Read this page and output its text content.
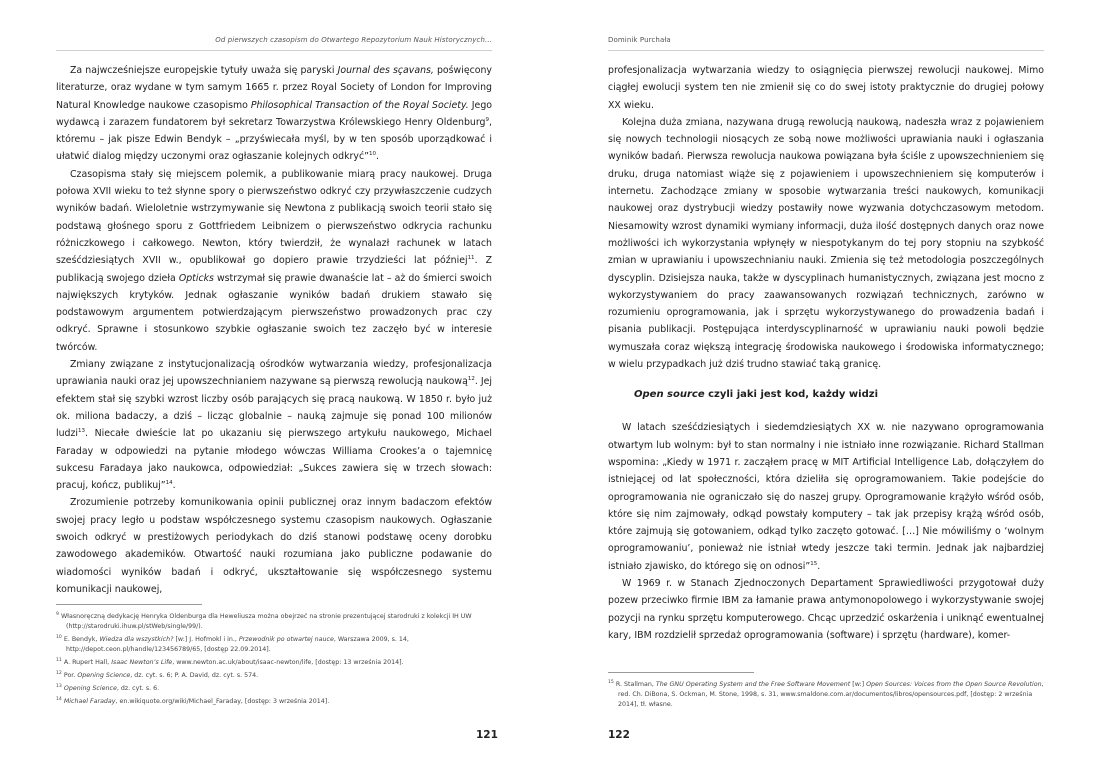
Od pierwszych czasopism do Otwartego Repozytorium Nauk Historycznych...

Za najwcześniejsze europejskie tytuły uważa się paryski Journal des sçavans, poświęcony literaturze, oraz wydane w tym samym 1665 r. przez Royal Society of London for Improving Natural Knowledge naukowe czasopismo Philosophical Transaction of the Royal Society. Jego wydawcą i zarazem fundatorem był sekretarz Towarzystwa Królewskiego Henry Oldenburg$^9$, któremu – jak pisze Edwin Bendyk – „przyświecała myśl, by w ten sposób uporządkować i ułatwić dialog między uczonymi oraz ogłaszanie kolejnych odkryć”$^{10}$.

Czasopisma stały się miejscem polemik, a publikowanie miarą pracy naukowej. Druga połowa XVII wieku to też słynne spory o pierwszeństwo odkryć czy przywłaszczenie cudzych wyników badań. Wieloletnie wstrzymywanie się Newtona z publikacją swoich teorii stało się podstawą głośnego sporu z Gottfriedem Leibnizem o pierwszeństwo odkrycia rachunku różniczkowego i całkowego. Newton, który twierdził, że wynalazł rachunek w latach sześćdziesiątych XVII w., opublikował go dopiero prawie trzydzieści lat później$^{11}$. Z publikacją swojego dzieła Opticks wstrzymał się prawie dwanaście lat – aż do śmierci swoich największych krytyków. Jednak ogłaszanie wyników badań drukiem stawało się podstawowym argumentem potwierdzającym pierwszeństwo prowadzonych prac czy odkryć. Sprawne i stosunkowo szybkie ogłaszanie swoich tez zaczęło być w interesie twórców.

Zmiany związane z instytucjonalizacją ośrodków wytwarzania wiedzy, profesjonalizacja uprawiania nauki oraz jej upowszechnianiem nazywane są pierwszą rewolucją naukową$^{12}$. Jej efektem stał się szybki wzrost liczby osób parających się pracą naukową. W 1850 r. było już ok. miliona badaczy, a dziś – licząc globalnie – nauką zajmuje się ponad 100 milionów ludzi$^{13}$. Niecałe dwieście lat po ukazaniu się pierwszego artykułu naukowego, Michael Faraday w odpowiedzi na pytanie młodego wówczas Williama Crookes’a o tajemnicę sukcesu Faradaya jako naukowca, odpowiedział: „Sukces zawiera się w trzech słowach: pracuj, kończ, publikuj”$^{14}$.

Zrozumienie potrzeby komunikowania opinii publicznej oraz innym badaczom efektów swojej pracy legło u podstaw współczesnego systemu czasopism naukowych. Ogłaszanie swoich odkryć w prestiżowych periodykach do dziś stanowi podstawę oceny dorobku zawodowego akademików. Otwartość nauki rozumiana jako publiczne podawanie do wiadomości wyników badań i odkryć, ukształtowanie się współczesnego systemu komunikacji naukowej,

$^9$ Własnoręczną dedykację Henryka Oldenburga dla Heweliusza można obejrzeć na stronie prezentującej starodruki z kolekcji IH UW (http://starodruki.ihuw.pl/stWeb/single/99/).

$^{10}$ E. Bendyk, Wiedza dla wszystkich? [w:] J. Hofmokl i in., Przewodnik po otwartej nauce, Warszawa 2009, s. 14, http://depot.ceon.pl/handle/123456789/65, [dostęp 22.09.2014].

$^{11}$ A. Rupert Hall, Isaac Newton’s Life, www.newton.ac.uk/about/isaac-newton/life, [dostęp: 13 września 2014].

$^{12}$ Por. Opening Science, dz. cyt. s. 6; P. A. David, dz. cyt. s. 574.

$^{13}$ Opening Science, dz. cyt. s. 6.

$^{14}$ Michael Faraday, en.wikiquote.org/wiki/Michael_Faraday, [dostęp: 3 września 2014].

121
Dominik Purchała

profesjonalizacja wytwarzania wiedzy to osiągnięcia pierwszej rewolucji naukowej. Mimo ciągłej ewolucji system ten nie zmienił się co do swej istoty praktycznie do drugiej połowy XX wieku.

Kolejna duża zmiana, nazywana drugą rewolucją naukową, nadeszła wraz z pojawieniem się nowych technologii niosących ze sobą nowe możliwości uprawiania nauki i ogłaszania wyników badań. Pierwsza rewolucja naukowa powiązana była ściśle z upowszechnieniem się druku, druga natomiast wiąże się z pojawieniem i upowszechnieniem się komputerów i internetu. Zachodzące zmiany w sposobie wytwarzania treści naukowych, komunikacji naukowej oraz dystrybucji wiedzy postawiły nowe wyzwania dotychczasowym metodom. Niesamowity wzrost dynamiki wymiany informacji, duża ilość dostępnych danych oraz nowe możliwości ich wykorzystania wpłynęły w niespotykanym do tej pory stopniu na szybkość zmian w uprawianiu i upowszechnianiu nauki. Zmienia się też metodologia poszczególnych dyscyplin. Dzisiejsza nauka, także w dyscyplinach humanistycznych, związana jest mocno z wykorzystywaniem do pracy zaawansowanych rozwiązań technicznych, zarówno w rozumieniu oprogramowania, jak i sprzętu wykorzystywanego do prowadzenia badań i pisania publikacji. Postępująca interdyscyplinarność w uprawianiu nauki powoli będzie wymuszała coraz większą integrację środowiska naukowego i środowiska informatycznego; w wielu przypadkach już dziś trudno stawiać taką granicę.

Open source czyli jaki jest kod, każdy widzi

W latach sześćdziesiątych i siedemdziesiątych XX w. nie nazywano oprogramowania otwartym lub wolnym: był to stan normalny i nie istniało inne rozwiązanie. Richard Stallman wspomina: „Kiedy w 1971 r. zacząłem pracę w MIT Artificial Intelligence Lab, dołączyłem do istniejącej od lat społeczności, która dzieliła się oprogramowaniem. Takie podejście do oprogramowania nie ograniczało się do naszej grupy. Oprogramowanie krążyło wśród osób, które się nim zajmowały, odkąd powstały komputery – tak jak przepisy krążą wśród osób, które zajmują się gotowaniem, odkąd tylko zaczęto gotować. […] Nie mówiliśmy o ‘wolnym oprogramowaniu’, ponieważ nie istniał wtedy jeszcze taki termin. Jednak jak najbardziej istniało zjawisko, do którego się on odnosi”$^{15}$.

W 1969 r. w Stanach Zjednoczonych Departament Sprawiedliwości przygotował duży pozew przeciwko firmie IBM za łamanie prawa antymonopolowego i wykorzystywanie swojej pozycji na rynku sprzętu komputerowego. Chcąc uprzedzić oskarżenia i uniknąć ewentualnej kary, IBM rozdzielił sprzedaż oprogramowania (software) i sprzętu (hardware), komer-

$^{15}$ R. Stallman, The GNU Operating System and the Free Software Movement [w:] Open Sources: Voices from the Open Source Revolution, red. Ch. DiBona, S. Ockman, M. Stone, 1998, s. 31, www.smaldone.com.ar/documentos/libros/opensources.pdf, [dostęp: 2 września 2014], tł. własne.

122
